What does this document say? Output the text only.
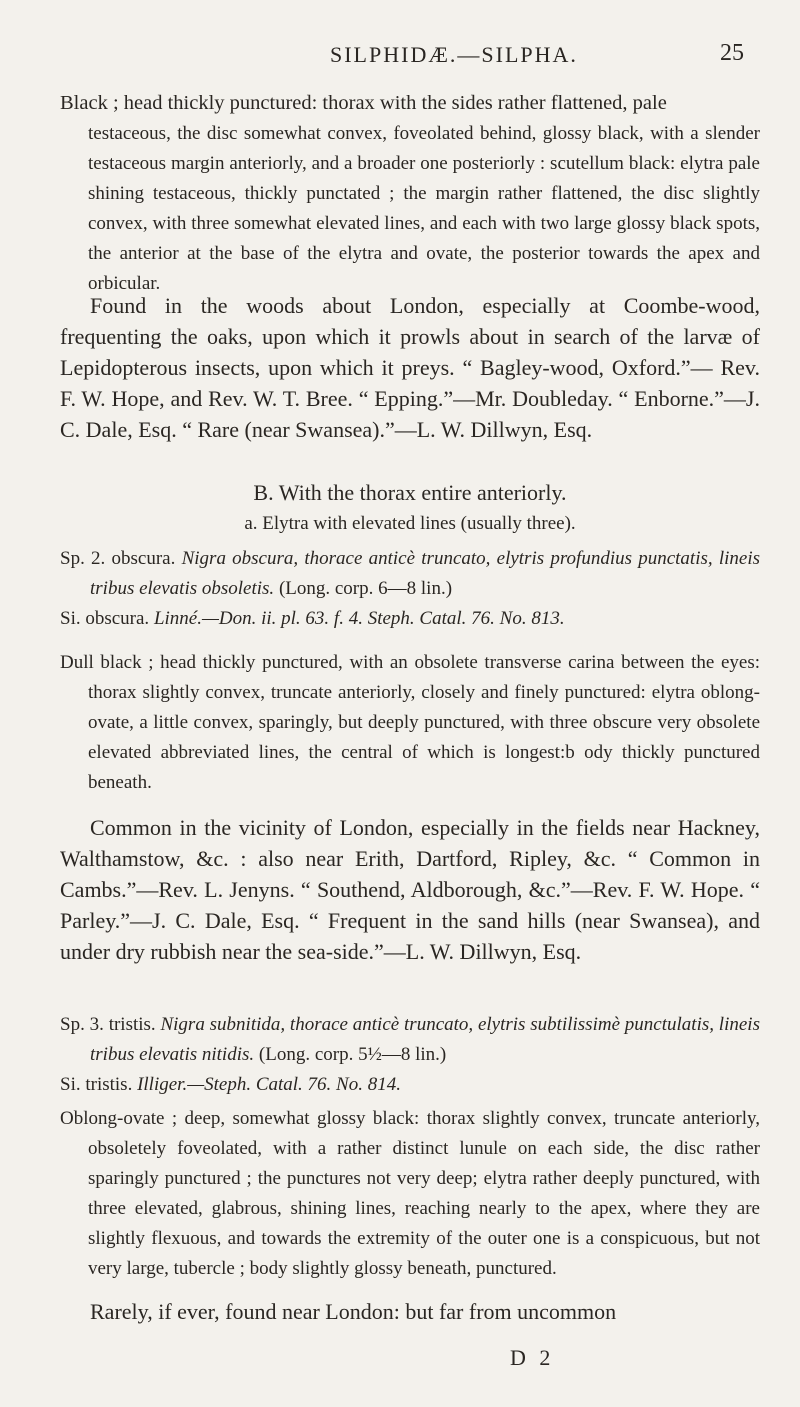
SILPHIDÆ.—SILPHA.	25
Black ; head thickly punctured: thorax with the sides rather flattened, pale
testaceous, the disc somewhat convex, foveolated behind, glossy black, with a slender testaceous margin anteriorly, and a broader one posteriorly : scutellum black: elytra pale shining testaceous, thickly punctated ; the margin rather flattened, the disc slightly convex, with three somewhat elevated lines, and each with two large glossy black spots, the anterior at the base of the elytra and ovate, the posterior towards the apex and orbicular.
Found in the woods about London, especially at Coombe-wood, frequenting the oaks, upon which it prowls about in search of the larvæ of Lepidopterous insects, upon which it preys. “ Bagley-wood, Oxford.”— Rev. F. W. Hope, and Rev. W. T. Bree. “ Epping.”—Mr. Doubleday. “ Enborne.”—J. C. Dale, Esq. “ Rare (near Swansea).”—L. W. Dillwyn, Esq.
B. With the thorax entire anteriorly.
a. Elytra with elevated lines (usually three).
Sp. 2. obscura. Nigra obscura, thorace anticè truncato, elytris profundius punctatis, lineis tribus elevatis obsoletis. (Long. corp. 6—8 lin.)
Si. obscura. Linné.—Don. ii. pl. 63. f. 4. Steph. Catal. 76. No. 813.
Dull black ; head thickly punctured, with an obsolete transverse carina between the eyes: thorax slightly convex, truncate anteriorly, closely and finely punctured: elytra oblong-ovate, a little convex, sparingly, but deeply punctured, with three obscure very obsolete elevated abbreviated lines, the central of which is longest:b ody thickly punctured beneath.
Common in the vicinity of London, especially in the fields near Hackney, Walthamstow, &c. : also near Erith, Dartford, Ripley, &c. “ Common in Cambs.”—Rev. L. Jenyns. “ Southend, Aldborough, &c.”—Rev. F. W. Hope. “ Parley.”—J. C. Dale, Esq. “ Frequent in the sand hills (near Swansea), and under dry rubbish near the sea-side.”—L. W. Dillwyn, Esq.
Sp. 3. tristis. Nigra subnitida, thorace anticè truncato, elytris subtilissimè punctulatis, lineis tribus elevatis nitidis. (Long. corp. 5½—8 lin.)
Si. tristis. Illiger.—Steph. Catal. 76. No. 814.
Oblong-ovate ; deep, somewhat glossy black: thorax slightly convex, truncate anteriorly, obsoletely foveolated, with a rather distinct lunule on each side, the disc rather sparingly punctured ; the punctures not very deep; elytra rather deeply punctured, with three elevated, glabrous, shining lines, reaching nearly to the apex, where they are slightly flexuous, and towards the extremity of the outer one is a conspicuous, but not very large, tubercle ; body slightly glossy beneath, punctured.
Rarely, if ever, found near London: but far from uncommon
D 2
